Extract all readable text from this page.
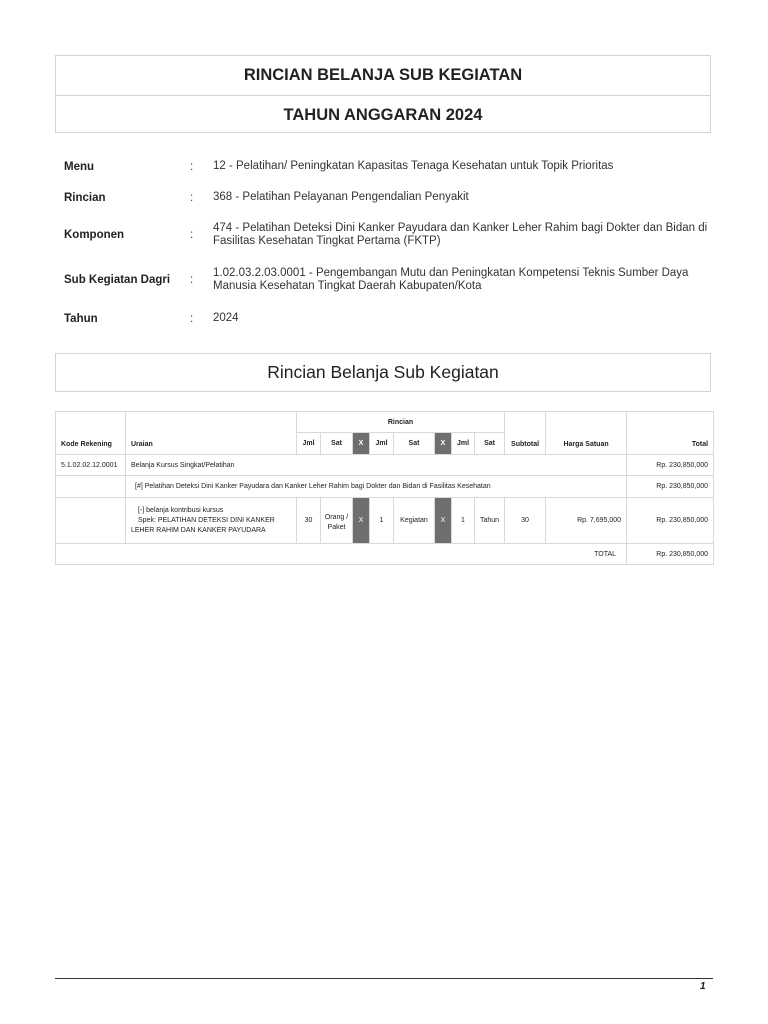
RINCIAN BELANJA SUB KEGIATAN
TAHUN ANGGARAN 2024
Menu	:	12 - Pelatihan/ Peningkatan Kapasitas Tenaga Kesehatan untuk Topik Prioritas
Rincian	:	368 - Pelatihan Pelayanan Pengendalian Penyakit
Komponen	:
474 - Pelatihan Deteksi Dini Kanker Payudara dan Kanker Leher Rahim bagi Dokter dan Bidan di Fasilitas Kesehatan Tingkat Pertama (FKTP)
Sub Kegiatan Dagri	:
1.02.03.2.03.0001 - Pengembangan Mutu dan Peningkatan Kompetensi Teknis Sumber Daya Manusia Kesehatan Tingkat Daerah Kabupaten/Kota
Tahun	:	2024
Rincian Belanja Sub Kegiatan
Kode Rekening	Uraian	Rincian								Subtotal	Harga Satuan	Total
		Jml	Sat	X	Jml	Sat	X	Jml	Sat			
5.1.02.02.12.0001	Belanja Kursus Singkat/Pelatihan											Rp. 230,850,000
	[#] Pelatihan Deteksi Dini Kanker Payudara dan Kanker Leher Rahim bagi Dokter dan Bidan di Fasilitas Kesehatan											Rp. 230,850,000

	[-] belanja kontribusi kursus
Spek: PELATIHAN DETEKSI DINI KANKER LEHER RAHIM DAN KANKER PAYUDARA	30	Orang / Paket	X	1	Kegiatan	X	1	Tahun	30	Rp. 7,695,000	Rp. 230,850,000
TOTAL												Rp. 230,850,000
1
